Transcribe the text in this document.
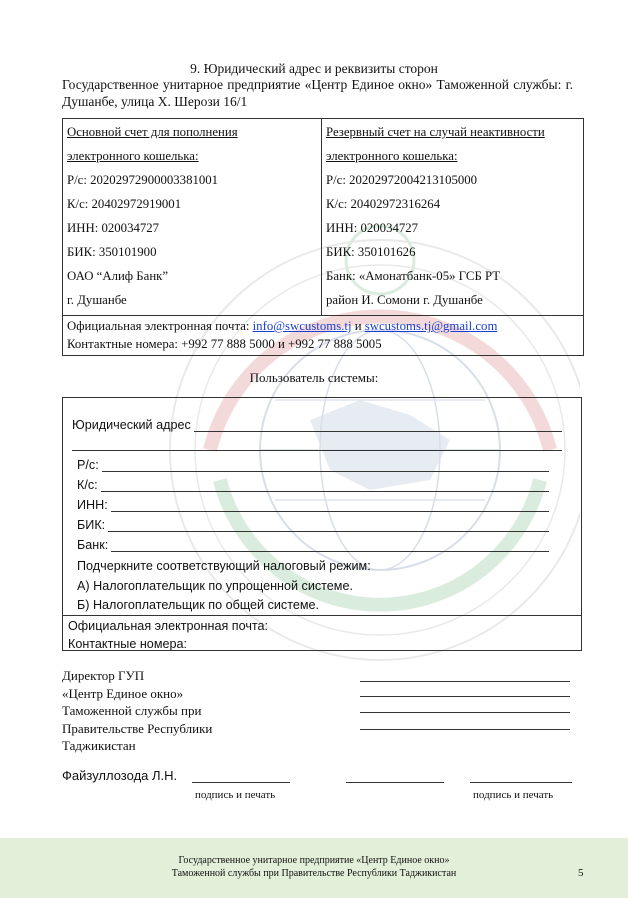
9. Юридический адрес и реквизиты сторон
Государственное унитарное предприятие «Центр Единое окно» Таможенной службы: г. Душанбе, улица Х. Шерози 16/1
Основной счет для пополнения
электронного кошелька:
Р/с: 20202972900003381001
К/с: 20402972919001
ИНН: 020034727
БИК: 350101900
ОАО “Алиф Банк”
г. Душанбе

Резервный счет на случай неактивности
электронного кошелька:
Р/с: 20202972004213105000
К/с: 20402972316264
ИНН: 020034727
БИК: 350101626
Банк: «Амонатбанк-05» ГСБ РТ
район И. Сомони г. Душанбе

Официальная электронная почта: info@swcustoms.tj и swcustoms.tj@gmail.com
Контактные номера: +992 77 888 5000 и +992 77 888 5005
Пользователь системы:
Юридический адрес
Р/с:
К/с:
ИНН:
БИК:
Банк:
Подчеркните соответствующий налоговый режим:
А) Налогоплательщик по упрощенной системе.
Б) Налогоплательщик по общей системе.
Официальная электронная почта:
Контактные номера:
Директор ГУП
«Центр Единое окно»
Таможенной службы при
Правительстве Республики
Таджикистан
Файзуллозода Л.Н.
подпись и печать	подпись и печать
Государственное унитарное предприятие «Центр Единое окно»
Таможенной службы при Правительстве Республики Таджикистан	5
